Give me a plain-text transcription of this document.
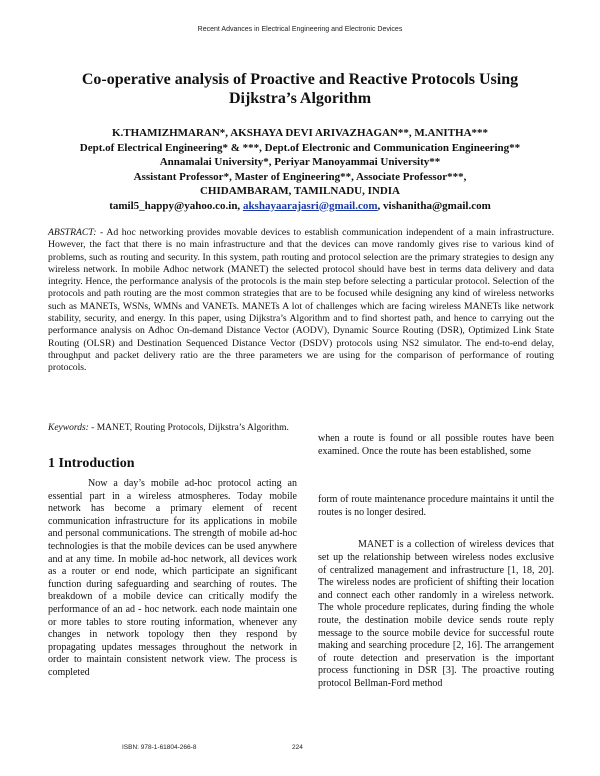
Recent Advances in Electrical Engineering and Electronic Devices
Co-operative analysis of Proactive and Reactive Protocols Using
Dijkstra’s Algorithm
K.THAMIZHMARAN*, AKSHAYA DEVI ARIVAZHAGAN**, M.ANITHA***
Dept.of Electrical Engineering* & ***, Dept.of Electronic and Communication Engineering**
Annamalai University*, Periyar Manoyammai University**
Assistant Professor*, Master of Engineering**, Associate Professor***,
CHIDAMBARAM, TAMILNADU, INDIA
tamil5_happy@yahoo.co.in, akshayaarajasri@gmail.com, vishanitha@gmail.com
ABSTRACT: - Ad hoc networking provides movable devices to establish communication independent of a main infrastructure. However, the fact that there is no main infrastructure and that the devices can move randomly gives rise to various kind of problems, such as routing and security. In this system, path routing and protocol selection are the primary strategies to design any wireless network. In mobile Adhoc network (MANET) the selected protocol should have best in terms data delivery and data integrity. Hence, the performance analysis of the protocols is the main step before selecting a particular protocol. Selection of the protocols and path routing are the most common strategies that are to be focused while designing any kind of wireless networks such as MANETs, WSNs, WMNs and VANETs. MANETs A lot of challenges which are facing wireless MANETs like network stability, security, and energy. In this paper, using Dijkstra’s Algorithm and to find shortest path, and hence to carrying out the performance analysis on Adhoc On-demand Distance Vector (AODV), Dynamic Source Routing (DSR), Optimized Link State Routing (OLSR) and Destination Sequenced Distance Vector (DSDV) protocols using NS2 simulator. The end-to-end delay, throughput and packet delivery ratio are the three parameters we are using for the comparison of performance of routing protocols.
Keywords: - MANET, Routing Protocols, Dijkstra’s Algorithm.
1 Introduction

Now a day’s mobile ad-hoc protocol acting an essential part in a wireless atmospheres. Today mobile network has become a primary element of recent communication infrastructure for its applications in mobile and personal communications. The strength of mobile ad-hoc technologies is that the mobile devices can be used anywhere and at any time. In mobile ad-hoc network, all devices work as a router or end node, which participate an significant function during safeguarding and searching of routes. The breakdown of a mobile device can critically modify the performance of an ad - hoc network. each node maintain one or more tables to store routing information, whenever any changes in network topology then they respond by propagating updates messages throughout the network in order to maintain consistent network view. The process is completed

when a route is found or all possible routes have been examined. Once the route has been established, some

form of route maintenance procedure maintains it until the routes is no longer desired.

MANET is a collection of wireless devices that set up the relationship between wireless nodes exclusive of centralized management and infrastructure [1, 18, 20]. The wireless nodes are proficient of shifting their location and connect each other randomly in a wireless network. The whole procedure replicates, during finding the whole route, the destination mobile device sends route reply message to the source mobile device for successful route making and searching procedure [2, 16]. The arrangement of route detection and preservation is the important process functioning in DSR [3]. The proactive routing protocol Bellman-Ford method

ISBN: 978-1-61804-266-8	224
